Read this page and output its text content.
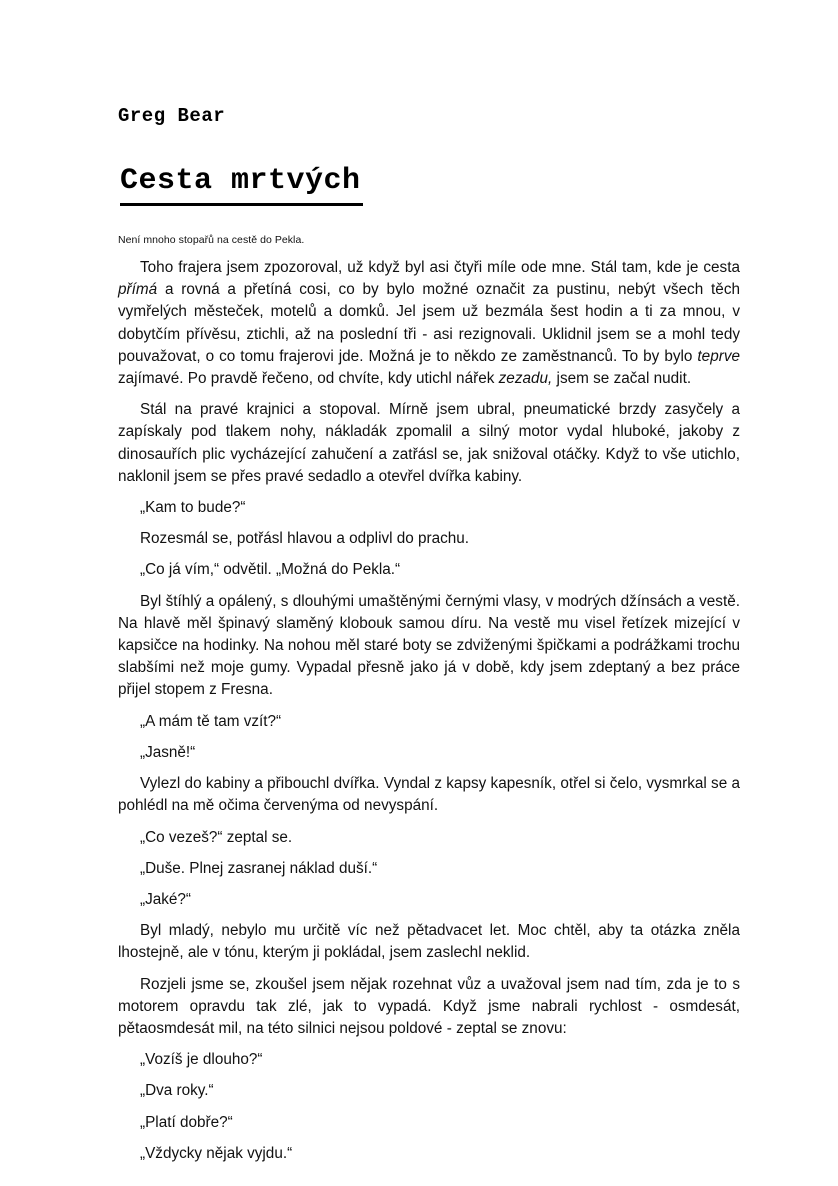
Greg Bear
Cesta mrtvých

Není mnoho stopařů na cestě do Pekla.

Toho frajera jsem zpozoroval, už když byl asi čtyři míle ode mne. Stál tam, kde je cesta přímá a rovná a přetíná cosi, co by bylo možné označit za pustinu, nebýt všech těch vymřelých městeček, motelů a domků. Jel jsem už bezmála šest hodin a ti za mnou, v dobytčím přívěsu, ztichli, až na poslední tři - asi rezignovali. Uklidnil jsem se a mohl tedy pouvažovat, o co tomu frajerovi jde. Možná je to někdo ze zaměstnanců. To by bylo teprve zajímavé. Po pravdě řečeno, od chvíte, kdy utichl nářek zezadu, jsem se začal nudit.

Stál na pravé krajnici a stopoval. Mírně jsem ubral, pneumatické brzdy zasyčely a zapískaly pod tlakem nohy, nákladák zpomalil a silný motor vydal hluboké, jakoby z dinosauřích plic vycházející zahučení a zatřásl se, jak snižoval otáčky. Když to vše utichlo, naklonil jsem se přes pravé sedadlo a otevřel dvířka kabiny.

„Kam to bude?“

Rozesmál se, potřásl hlavou a odplivl do prachu.

„Co já vím,“ odvětil. „Možná do Pekla.“

Byl štíhlý a opálený, s dlouhými umaštěnými černými vlasy, v modrých džínsách a vestě. Na hlavě měl špinavý slaměný klobouk samou díru. Na vestě mu visel řetízek mizející v kapsičce na hodinky. Na nohou měl staré boty se zdviženými špičkami a podrážkami trochu slabšími než moje gumy. Vypadal přesně jako já v době, kdy jsem zdeptaný a bez práce přijel stopem z Fresna.

„A mám tě tam vzít?“

„Jasně!“

Vylezl do kabiny a přibouchl dvířka. Vyndal z kapsy kapesník, otřel si čelo, vysmrkal se a pohlédl na mě očima červenýma od nevyspání.

„Co vezeš?“ zeptal se.

„Duše. Plnej zasranej náklad duší.“

„Jaké?“

Byl mladý, nebylo mu určitě víc než pětadvacet let. Moc chtěl, aby ta otázka zněla lhostejně, ale v tónu, kterým ji pokládal, jsem zaslechl neklid.

Rozjeli jsme se, zkoušel jsem nějak rozehnat vůz a uvažoval jsem nad tím, zda je to s motorem opravdu tak zlé, jak to vypadá. Když jsme nabrali rychlost - osmdesát, pětaosmdesát mil, na této silnici nejsou poldové - zeptal se znovu:

„Vozíš je dlouho?“

„Dva roky.“

„Platí dobře?“

„Vždycky nějak vyjdu.“
